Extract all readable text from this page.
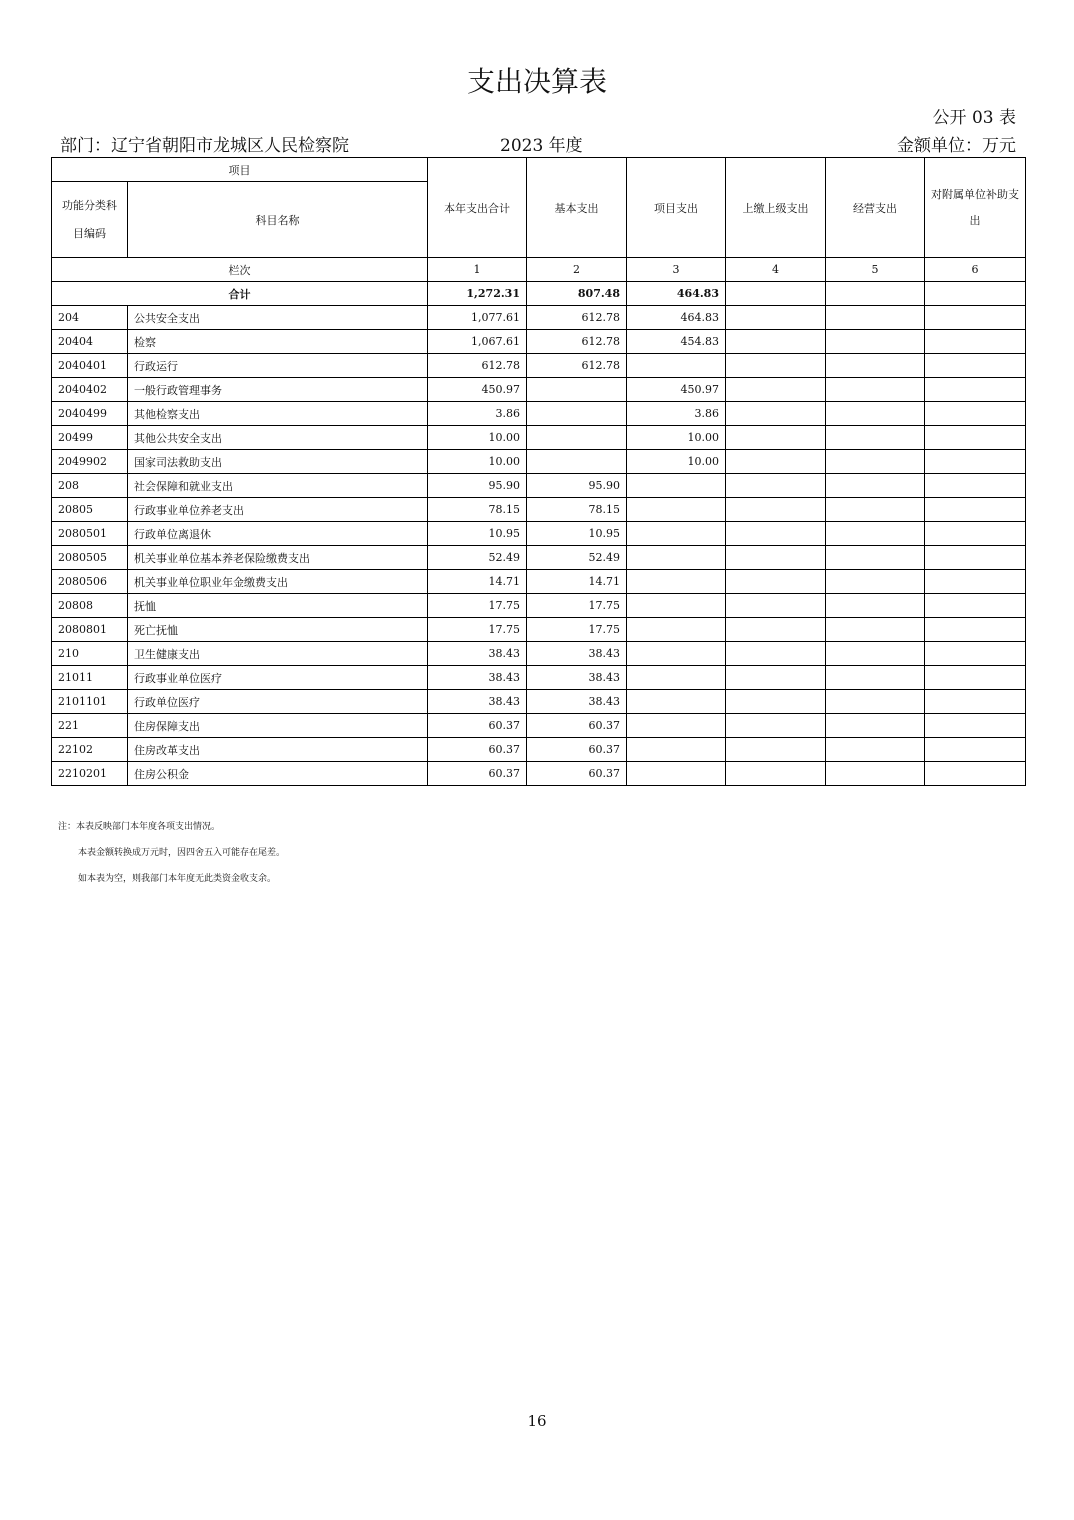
支出决算表
公开 03 表
部门：辽宁省朝阳市龙城区人民检察院	2023 年度	金额单位：万元
项目		本年支出合计	基本支出	项目支出	上缴上级支出	经营支出	对附属单位补助支出
功能分类科目编码	科目名称						
栏次		1	2	3	4	5	6
合计		1,272.31	807.48	464.83			
204	公共安全支出	1,077.61	612.78	464.83			
20404	检察	1,067.61	612.78	454.83			
2040401	行政运行	612.78	612.78				
2040402	一般行政管理事务	450.97		450.97			
2040499	其他检察支出	3.86		3.86			
20499	其他公共安全支出	10.00		10.00			
2049902	国家司法救助支出	10.00		10.00			
208	社会保障和就业支出	95.90	95.90				
20805	行政事业单位养老支出	78.15	78.15				
2080501	行政单位离退休	10.95	10.95				
2080505	机关事业单位基本养老保险缴费支出	52.49	52.49				
2080506	机关事业单位职业年金缴费支出	14.71	14.71				
20808	抚恤	17.75	17.75				
2080801	死亡抚恤	17.75	17.75				
210	卫生健康支出	38.43	38.43				
21011	行政事业单位医疗	38.43	38.43				
2101101	行政单位医疗	38.43	38.43				
221	住房保障支出	60.37	60.37				
22102	住房改革支出	60.37	60.37				
2210201	住房公积金	60.37	60.37				
注：本表反映部门本年度各项支出情况。
本表金额转换成万元时，因四舍五入可能存在尾差。
如本表为空，则我部门本年度无此类资金收支余。
16
